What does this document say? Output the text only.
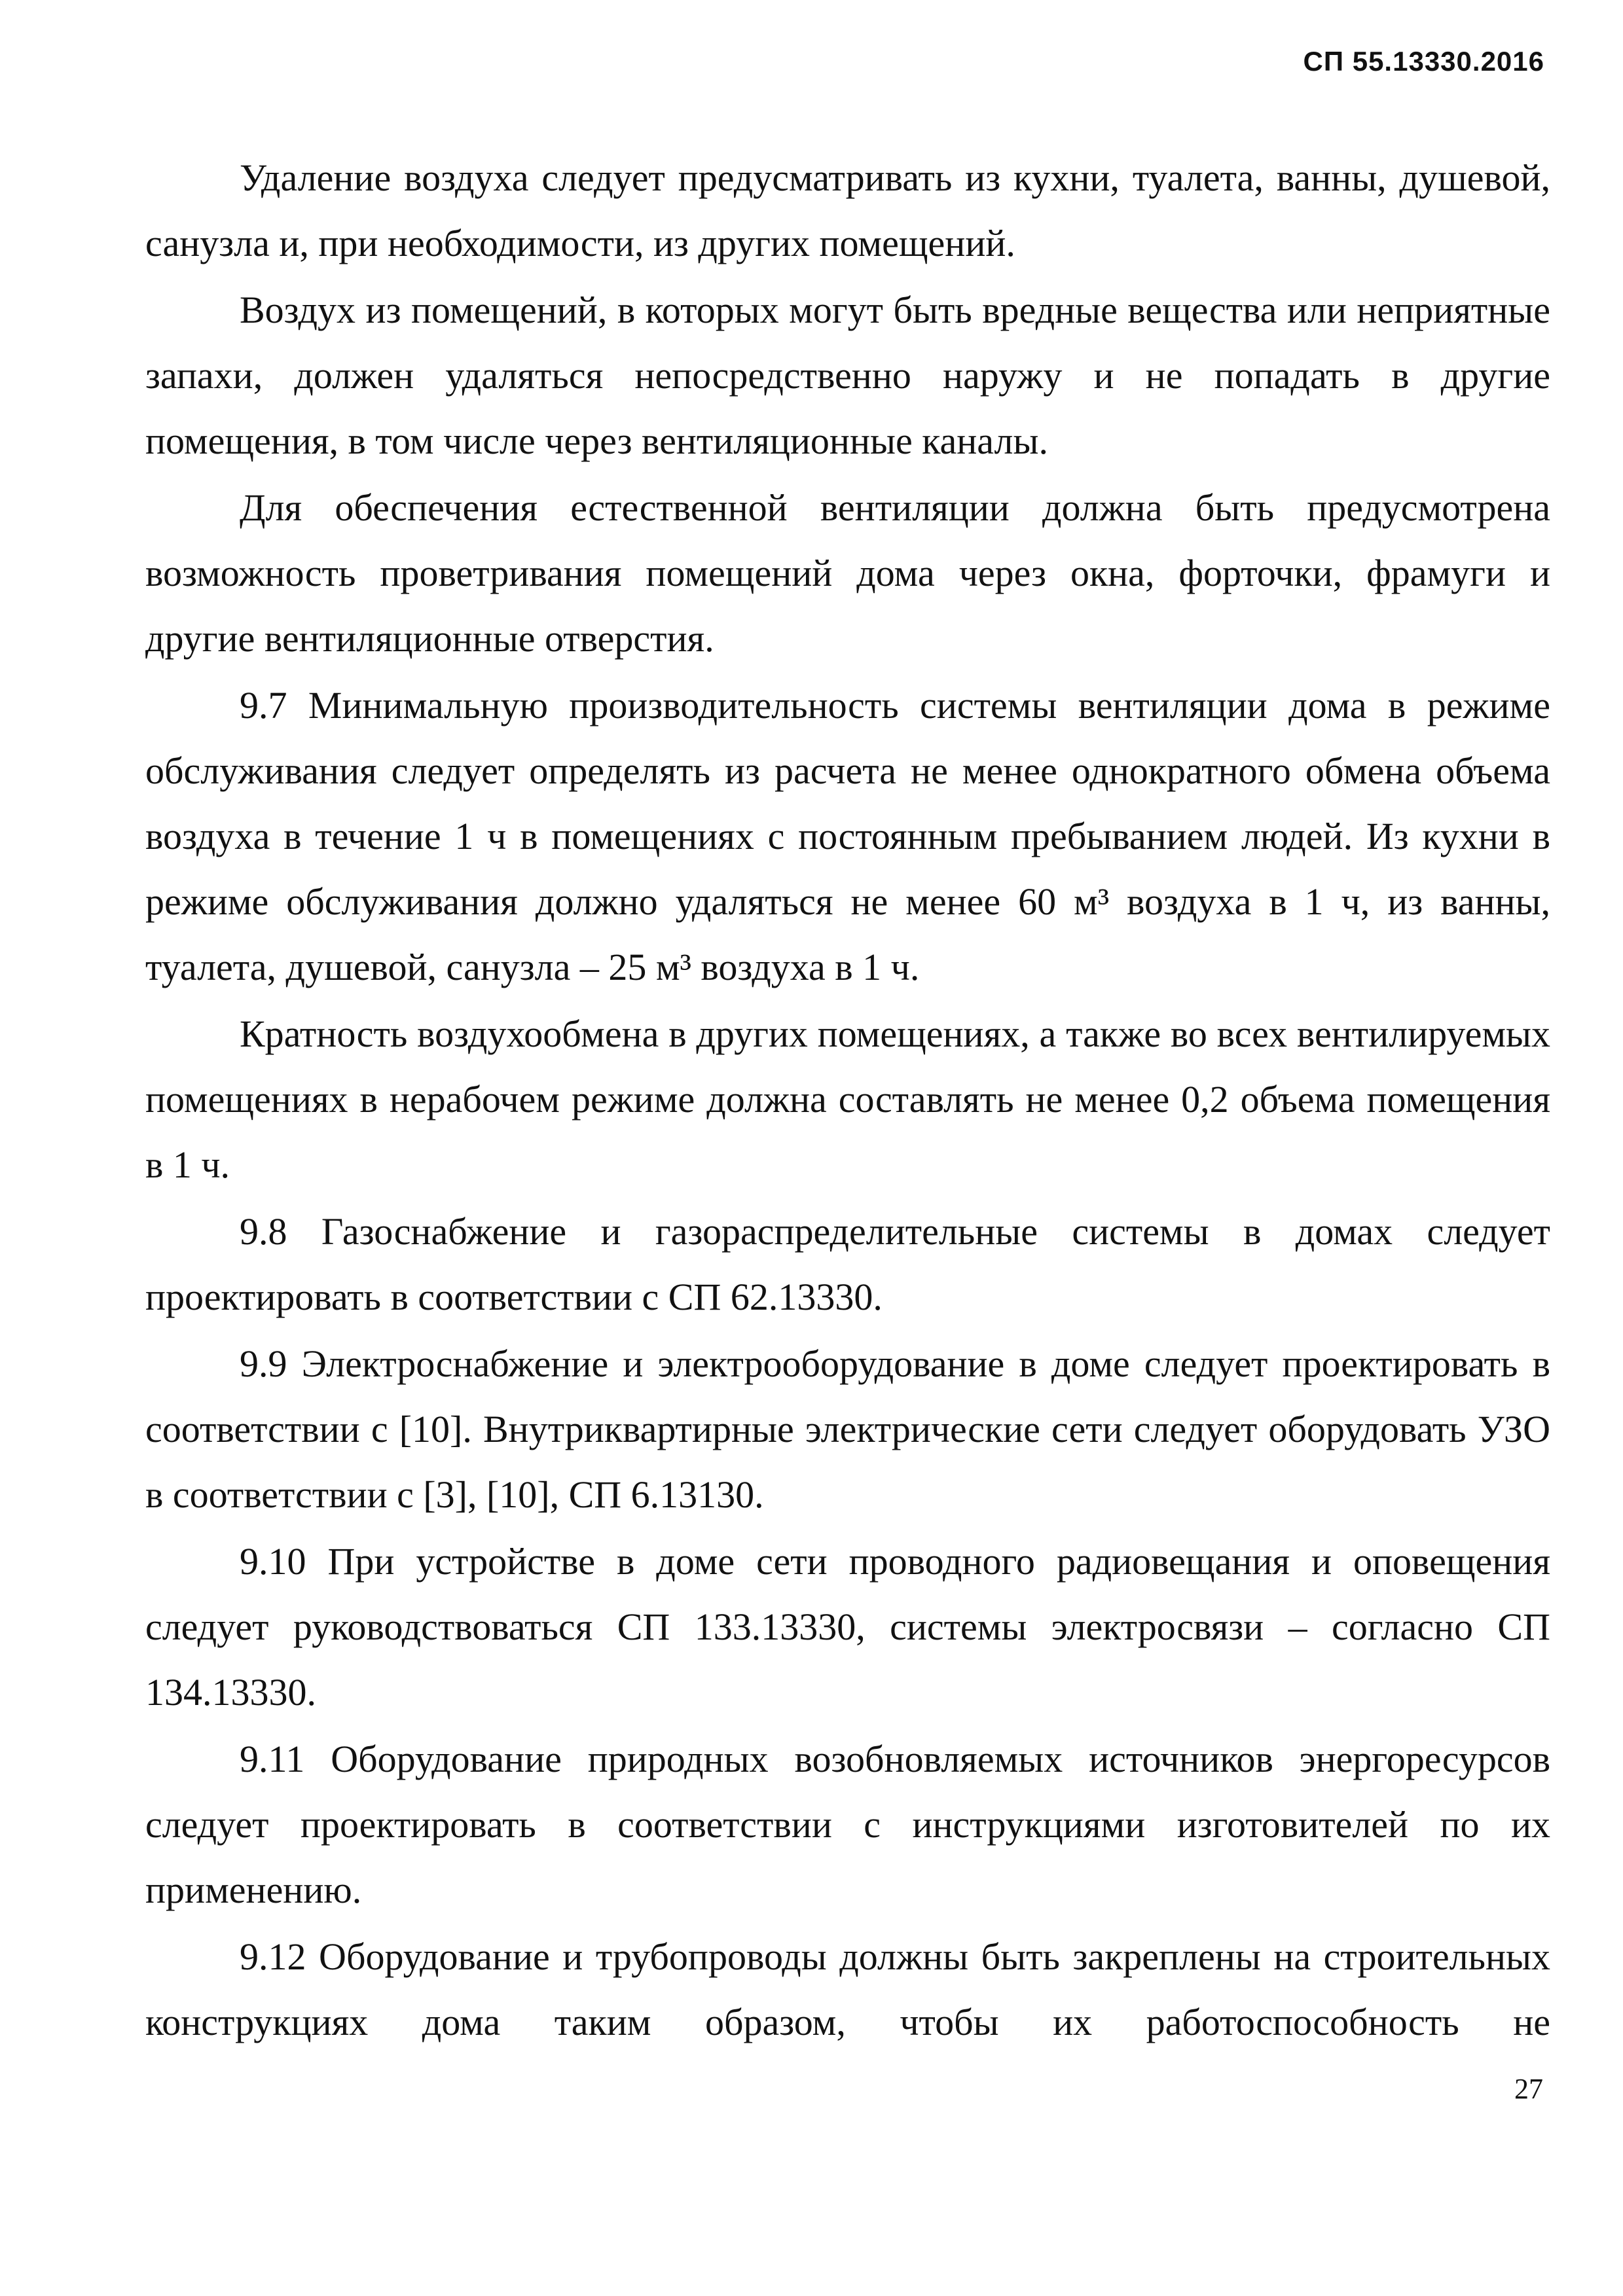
СП 55.13330.2016

Удаление воздуха следует предусматривать из кухни, туалета, ванны, душевой, санузла и, при необходимости, из других помещений.

Воздух из помещений, в которых могут быть вредные вещества или неприятные запахи, должен удаляться непосредственно наружу и не попадать в другие помещения, в том числе через вентиляционные каналы.

Для обеспечения естественной вентиляции должна быть предусмотрена возможность проветривания помещений дома через окна, форточки, фрамуги и другие вентиляционные отверстия.

9.7 Минимальную производительность системы вентиляции дома в режиме обслуживания следует определять из расчета не менее однократного обмена объема воздуха в течение 1 ч в помещениях с постоянным пребыванием людей. Из кухни в режиме обслуживания должно удаляться не менее 60 м³ воздуха в 1 ч, из ванны, туалета, душевой, санузла – 25 м³ воздуха в 1 ч.

Кратность воздухообмена в других помещениях, а также во всех вентилируемых помещениях в нерабочем режиме должна составлять не менее 0,2 объема помещения в 1 ч.

9.8 Газоснабжение и газораспределительные системы в домах следует проектировать в соответствии с СП 62.13330.

9.9 Электроснабжение и электрооборудование в доме следует проектировать в соответствии с [10]. Внутриквартирные электрические сети следует оборудовать УЗО в соответствии с [3], [10], СП 6.13130.

9.10 При устройстве в доме сети проводного радиовещания и оповещения следует руководствоваться СП 133.13330, системы электросвязи – согласно СП 134.13330.

9.11 Оборудование природных возобновляемых источников энергоресурсов следует проектировать в соответствии с инструкциями изготовителей по их применению.

9.12 Оборудование и трубопроводы должны быть закреплены на строительных конструкциях дома таким образом, чтобы их работоспособность не

27
